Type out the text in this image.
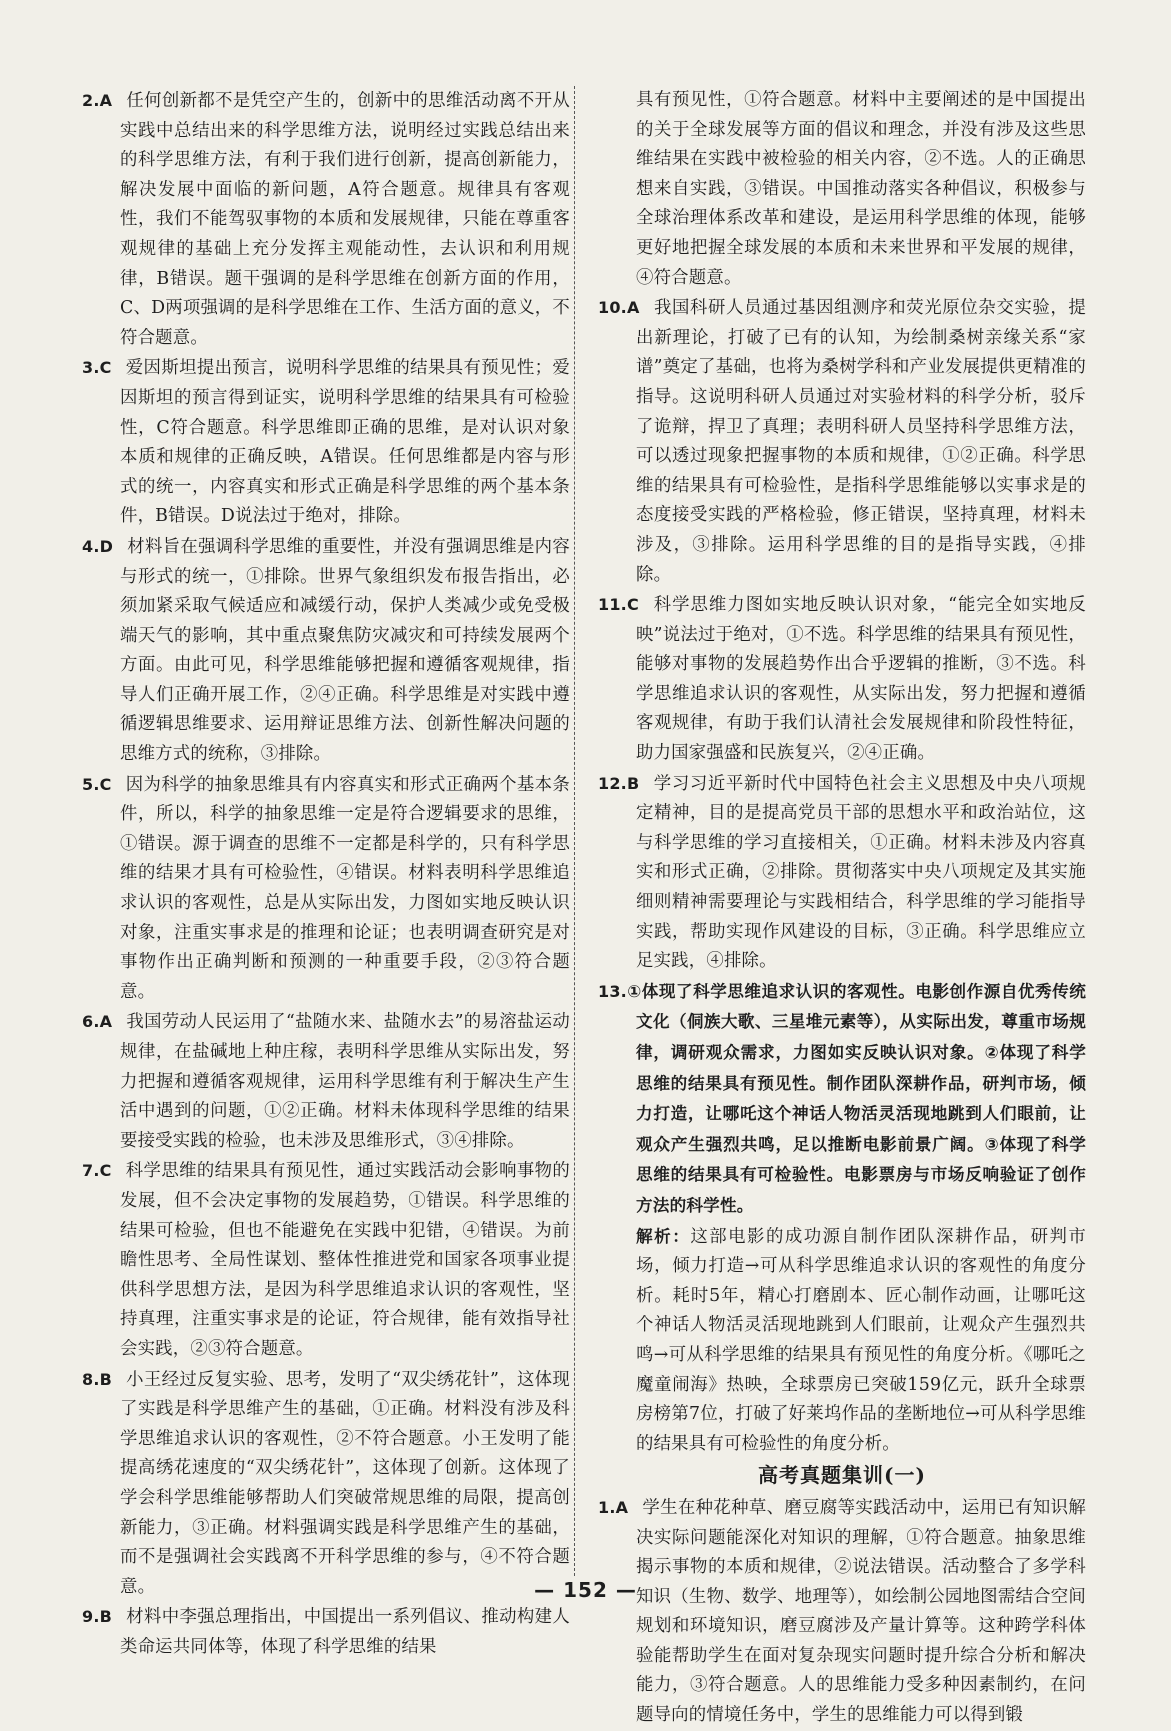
2.A 任何创新都不是凭空产生的，创新中的思维活动离不开从实践中总结出来的科学思维方法，说明经过实践总结出来的科学思维方法，有利于我们进行创新，提高创新能力，解决发展中面临的新问题，A符合题意。规律具有客观性，我们不能驾驭事物的本质和发展规律，只能在尊重客观规律的基础上充分发挥主观能动性，去认识和利用规律，B错误。题干强调的是科学思维在创新方面的作用，C、D两项强调的是科学思维在工作、生活方面的意义，不符合题意。

3.C 爱因斯坦提出预言，说明科学思维的结果具有预见性；爱因斯坦的预言得到证实，说明科学思维的结果具有可检验性，C符合题意。科学思维即正确的思维，是对认识对象本质和规律的正确反映，A错误。任何思维都是内容与形式的统一，内容真实和形式正确是科学思维的两个基本条件，B错误。D说法过于绝对，排除。

4.D 材料旨在强调科学思维的重要性，并没有强调思维是内容与形式的统一，①排除。世界气象组织发布报告指出，必须加紧采取气候适应和减缓行动，保护人类减少或免受极端天气的影响，其中重点聚焦防灾减灾和可持续发展两个方面。由此可见，科学思维能够把握和遵循客观规律，指导人们正确开展工作，②④正确。科学思维是对实践中遵循逻辑思维要求、运用辩证思维方法、创新性解决问题的思维方式的统称，③排除。

5.C 因为科学的抽象思维具有内容真实和形式正确两个基本条件，所以，科学的抽象思维一定是符合逻辑要求的思维，①错误。源于调查的思维不一定都是科学的，只有科学思维的结果才具有可检验性，④错误。材料表明科学思维追求认识的客观性，总是从实际出发，力图如实地反映认识对象，注重实事求是的推理和论证；也表明调查研究是对事物作出正确判断和预测的一种重要手段，②③符合题意。

6.A 我国劳动人民运用了“盐随水来、盐随水去”的易溶盐运动规律，在盐碱地上种庄稼，表明科学思维从实际出发，努力把握和遵循客观规律，运用科学思维有利于解决生产生活中遇到的问题，①②正确。材料未体现科学思维的结果要接受实践的检验，也未涉及思维形式，③④排除。

7.C 科学思维的结果具有预见性，通过实践活动会影响事物的发展，但不会决定事物的发展趋势，①错误。科学思维的结果可检验，但也不能避免在实践中犯错，④错误。为前瞻性思考、全局性谋划、整体性推进党和国家各项事业提供科学思想方法，是因为科学思维追求认识的客观性，坚持真理，注重实事求是的论证，符合规律，能有效指导社会实践，②③符合题意。

8.B 小王经过反复实验、思考，发明了“双尖绣花针”，这体现了实践是科学思维产生的基础，①正确。材料没有涉及科学思维追求认识的客观性，②不符合题意。小王发明了能提高绣花速度的“双尖绣花针”，这体现了创新。这体现了学会科学思维能够帮助人们突破常规思维的局限，提高创新能力，③正确。材料强调实践是科学思维产生的基础，而不是强调社会实践离不开科学思维的参与，④不符合题意。

9.B 材料中李强总理指出，中国提出一系列倡议、推动构建人类命运共同体等，体现了科学思维的结果

具有预见性，①符合题意。材料中主要阐述的是中国提出的关于全球发展等方面的倡议和理念，并没有涉及这些思维结果在实践中被检验的相关内容，②不选。人的正确思想来自实践，③错误。中国推动落实各种倡议，积极参与全球治理体系改革和建设，是运用科学思维的体现，能够更好地把握全球发展的本质和未来世界和平发展的规律，④符合题意。

10.A 我国科研人员通过基因组测序和荧光原位杂交实验，提出新理论，打破了已有的认知，为绘制桑树亲缘关系“家谱”奠定了基础，也将为桑树学科和产业发展提供更精准的指导。这说明科研人员通过对实验材料的科学分析，驳斥了诡辩，捍卫了真理；表明科研人员坚持科学思维方法，可以透过现象把握事物的本质和规律，①②正确。科学思维的结果具有可检验性，是指科学思维能够以实事求是的态度接受实践的严格检验，修正错误，坚持真理，材料未涉及，③排除。运用科学思维的目的是指导实践，④排除。

11.C 科学思维力图如实地反映认识对象，“能完全如实地反映”说法过于绝对，①不选。科学思维的结果具有预见性，能够对事物的发展趋势作出合乎逻辑的推断，③不选。科学思维追求认识的客观性，从实际出发，努力把握和遵循客观规律，有助于我们认清社会发展规律和阶段性特征，助力国家强盛和民族复兴，②④正确。

12.B 学习习近平新时代中国特色社会主义思想及中央八项规定精神，目的是提高党员干部的思想水平和政治站位，这与科学思维的学习直接相关，①正确。材料未涉及内容真实和形式正确，②排除。贯彻落实中央八项规定及其实施细则精神需要理论与实践相结合，科学思维的学习能指导实践，帮助实现作风建设的目标，③正确。科学思维应立足实践，④排除。

13.①体现了科学思维追求认识的客观性。电影创作源自优秀传统文化（侗族大歌、三星堆元素等），从实际出发，尊重市场规律，调研观众需求，力图如实反映认识对象。②体现了科学思维的结果具有预见性。制作团队深耕作品，研判市场，倾力打造，让哪吒这个神话人物活灵活现地跳到人们眼前，让观众产生强烈共鸣，足以推断电影前景广阔。③体现了科学思维的结果具有可检验性。电影票房与市场反响验证了创作方法的科学性。

解析：这部电影的成功源自制作团队深耕作品，研判市场，倾力打造→可从科学思维追求认识的客观性的角度分析。耗时5年，精心打磨剧本、匠心制作动画，让哪吒这个神话人物活灵活现地跳到人们眼前，让观众产生强烈共鸣→可从科学思维的结果具有预见性的角度分析。《哪吒之魔童闹海》热映，全球票房已突破159亿元，跃升全球票房榜第7位，打破了好莱坞作品的垄断地位→可从科学思维的结果具有可检验性的角度分析。

高考真题集训(一)

1.A 学生在种花种草、磨豆腐等实践活动中，运用已有知识解决实际问题能深化对知识的理解，①符合题意。抽象思维揭示事物的本质和规律，②说法错误。活动整合了多学科知识（生物、数学、地理等），如绘制公园地图需结合空间规划和环境知识，磨豆腐涉及产量计算等。这种跨学科体验能帮助学生在面对复杂现实问题时提升综合分析和解决能力，③符合题意。人的思维能力受多种因素制约，在问题导向的情境任务中，学生的思维能力可以得到锻

— 152 —
